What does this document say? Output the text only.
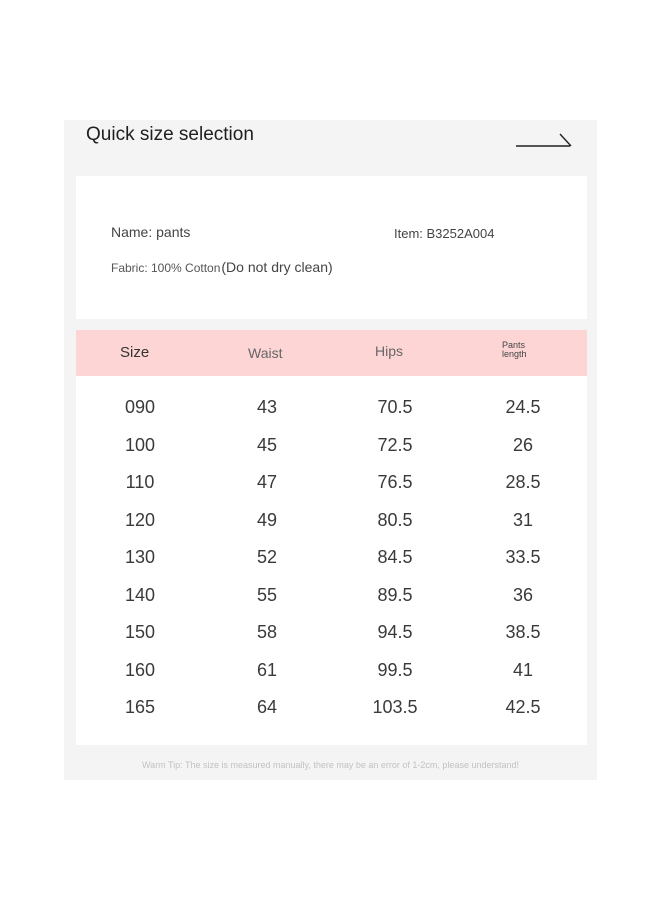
Quick size selection
Name: pants	Item: B3252A004
Fabric: 100% Cotton(Do not dry clean)
Size	Waist	Hips	Pants length
090	43	70.5	24.5
100	45	72.5	26
110	47	76.5	28.5
120	49	80.5	31
130	52	84.5	33.5
140	55	89.5	36
150	58	94.5	38.5
160	61	99.5	41
165	64	103.5	42.5
Warm Tip: The size is measured manually, there may be an error of 1-2cm, please understand!
